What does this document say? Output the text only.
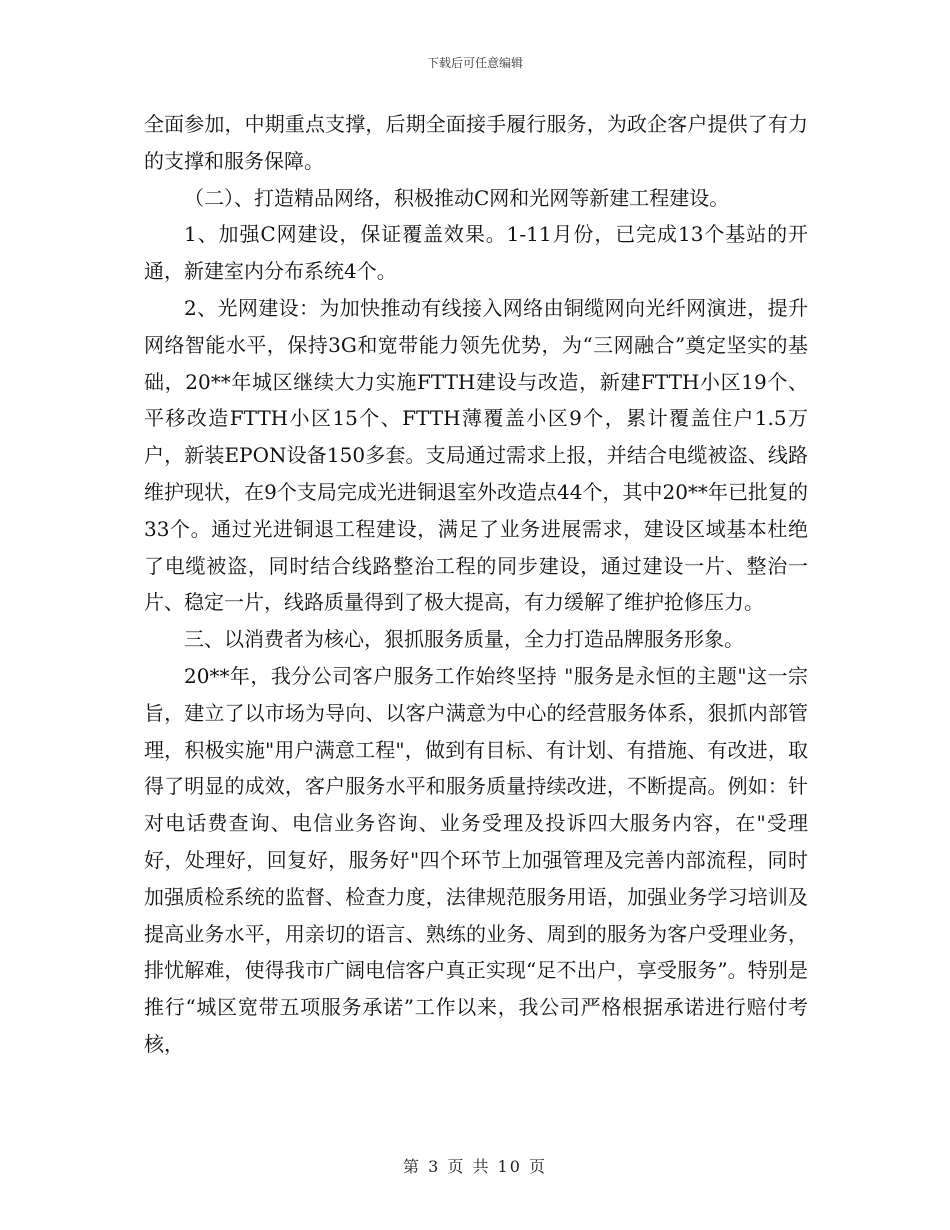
下载后可任意编辑

全面参加，中期重点支撑，后期全面接手履行服务，为政企客户提供了有力的支撑和服务保障。

（二）、打造精品网络，积极推动C网和光网等新建工程建设。

1、加强C网建设，保证覆盖效果。1-11月份，已完成13个基站的开通，新建室内分布系统4个。

2、光网建设：为加快推动有线接入网络由铜缆网向光纤网演进，提升网络智能水平，保持3G和宽带能力领先优势，为“三网融合”奠定坚实的基础，20**年城区继续大力实施FTTH建设与改造，新建FTTH小区19个、平移改造FTTH小区15个、FTTH薄覆盖小区9个，累计覆盖住户1.5万户，新装EPON设备150多套。支局通过需求上报，并结合电缆被盗、线路维护现状，在9个支局完成光进铜退室外改造点44个，其中20**年已批复的33个。通过光进铜退工程建设，满足了业务进展需求，建设区域基本杜绝了电缆被盗，同时结合线路整治工程的同步建设，通过建设一片、整治一片、稳定一片，线路质量得到了极大提高，有力缓解了维护抢修压力。

三、以消费者为核心，狠抓服务质量，全力打造品牌服务形象。

20**年，我分公司客户服务工作始终坚持 "服务是永恒的主题"这一宗旨，建立了以市场为导向、以客户满意为中心的经营服务体系，狠抓内部管理，积极实施"用户满意工程"，做到有目标、有计划、有措施、有改进，取得了明显的成效，客户服务水平和服务质量持续改进，不断提高。例如：针对电话费查询、电信业务咨询、业务受理及投诉四大服务内容，在"受理好，处理好，回复好，服务好"四个环节上加强管理及完善内部流程，同时加强质检系统的监督、检查力度，法律规范服务用语，加强业务学习培训及提高业务水平，用亲切的语言、熟练的业务、周到的服务为客户受理业务，排忧解难，使得我市广阔电信客户真正实现“足不出户，享受服务”。特别是推行“城区宽带五项服务承诺”工作以来，我公司严格根据承诺进行赔付考核，

第 3 页 共 10 页
